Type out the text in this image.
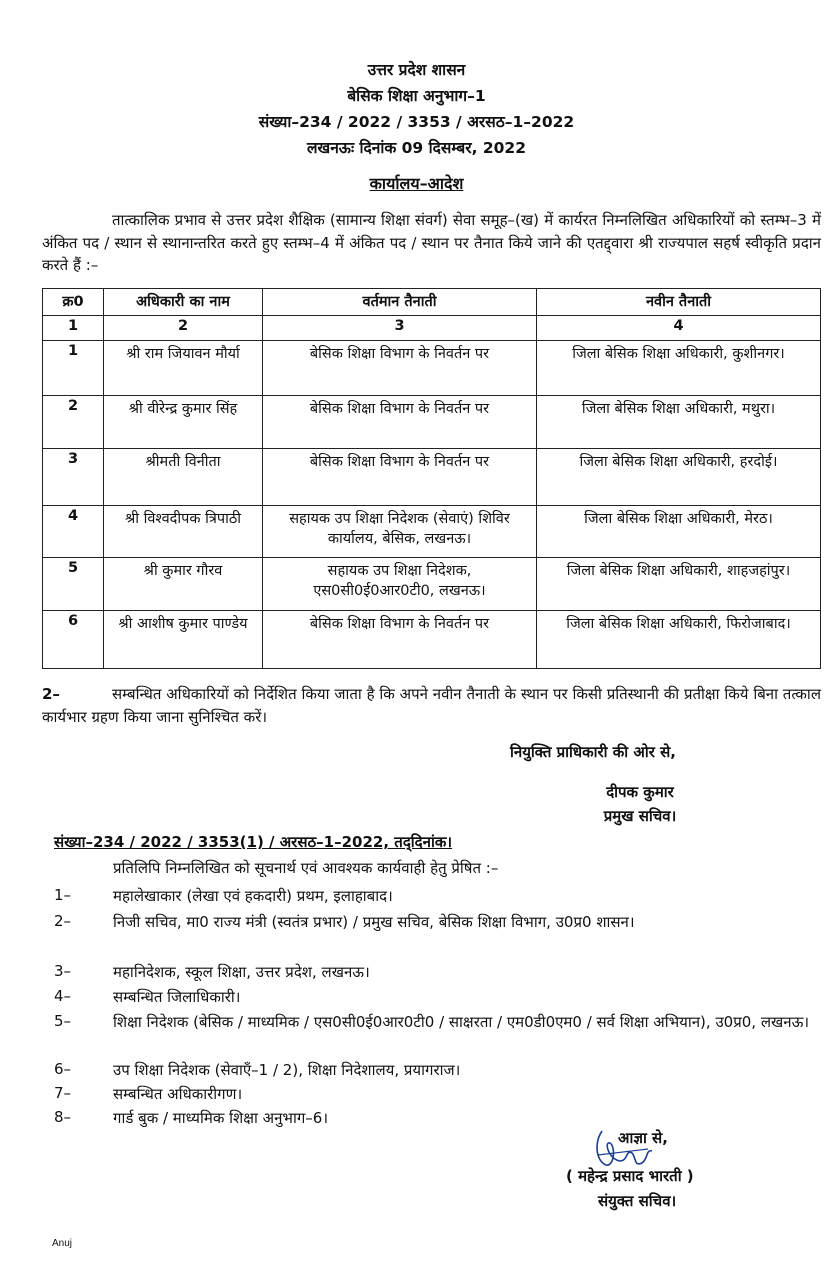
उत्तर प्रदेश शासन
बेसिक शिक्षा अनुभाग–1
संख्या–234 / 2022 / 3353 / अरसठ–1–2022
लखनऊः दिनांक 09 दिसम्बर, 2022
कार्यालय–आदेश
तात्कालिक प्रभाव से उत्तर प्रदेश शैक्षिक (सामान्य शिक्षा संवर्ग) सेवा समूह–(ख) में कार्यरत निम्नलिखित अधिकारियों को स्तम्भ–3 में अंकित पद / स्थान से स्थानान्तरित करते हुए स्तम्भ–4 में अंकित पद / स्थान पर तैनात किये जाने की एतद्द्वारा श्री राज्यपाल सहर्ष स्वीकृति प्रदान करते हैं :–
क्र0	अधिकारी का नाम	वर्तमान तैनाती	नवीन तैनाती
1	2	3	4
1	श्री राम जियावन मौर्या	बेसिक शिक्षा विभाग के निवर्तन पर	जिला बेसिक शिक्षा अधिकारी, कुशीनगर।
2	श्री वीरेन्द्र कुमार सिंह	बेसिक शिक्षा विभाग के निवर्तन पर	जिला बेसिक शिक्षा अधिकारी, मथुरा।
3	श्रीमती विनीता	बेसिक शिक्षा विभाग के निवर्तन पर	जिला बेसिक शिक्षा अधिकारी, हरदोई।
4	श्री विश्वदीपक त्रिपाठी	सहायक उप शिक्षा निदेशक (सेवाएं) शिविर कार्यालय, बेसिक, लखनऊ।	जिला बेसिक शिक्षा अधिकारी, मेरठ।
5	श्री कुमार गौरव	सहायक उप शिक्षा निदेशक, एस0सी0ई0आर0टी0, लखनऊ।	जिला बेसिक शिक्षा अधिकारी, शाहजहांपुर।
6	श्री आशीष कुमार पाण्डेय	बेसिक शिक्षा विभाग के निवर्तन पर	जिला बेसिक शिक्षा अधिकारी, फिरोजाबाद।
2–	सम्बन्धित अधिकारियों को निर्देशित किया जाता है कि अपने नवीन तैनाती के स्थान पर किसी प्रतिस्थानी की प्रतीक्षा किये बिना तत्काल कार्यभार ग्रहण किया जाना सुनिश्चित करें।
नियुक्ति प्राधिकारी की ओर से,
दीपक कुमार
प्रमुख सचिव।
संख्या–234 / 2022 / 3353(1) / अरसठ–1–2022, तद्‌दिनांक।
प्रतिलिपि निम्नलिखित को सूचनार्थ एवं आवश्यक कार्यवाही हेतु प्रेषित :–
1–	महालेखाकार (लेखा एवं हकदारी) प्रथम, इलाहाबाद।
2–	निजी सचिव, मा0 राज्य मंत्री (स्वतंत्र प्रभार) / प्रमुख सचिव, बेसिक शिक्षा विभाग, उ0प्र0 शासन।
3–	महानिदेशक, स्कूल शिक्षा, उत्तर प्रदेश, लखनऊ।
4–	सम्बन्धित जिलाधिकारी।
5–	शिक्षा निदेशक (बेसिक / माध्यमिक / एस0सी0ई0आर0टी0 / साक्षरता / एम0डी0एम0 / सर्व शिक्षा अभियान), उ0प्र0, लखनऊ।
6–	उप शिक्षा निदेशक (सेवाएँ–1 / 2), शिक्षा निदेशालय, प्रयागराज।
7–	सम्बन्धित अधिकारीगण।
8–	गार्ड बुक / माध्यमिक शिक्षा अनुभाग–6।
आज्ञा से,
( महेन्द्र प्रसाद भारती )
संयुक्त सचिव।
Anuj
